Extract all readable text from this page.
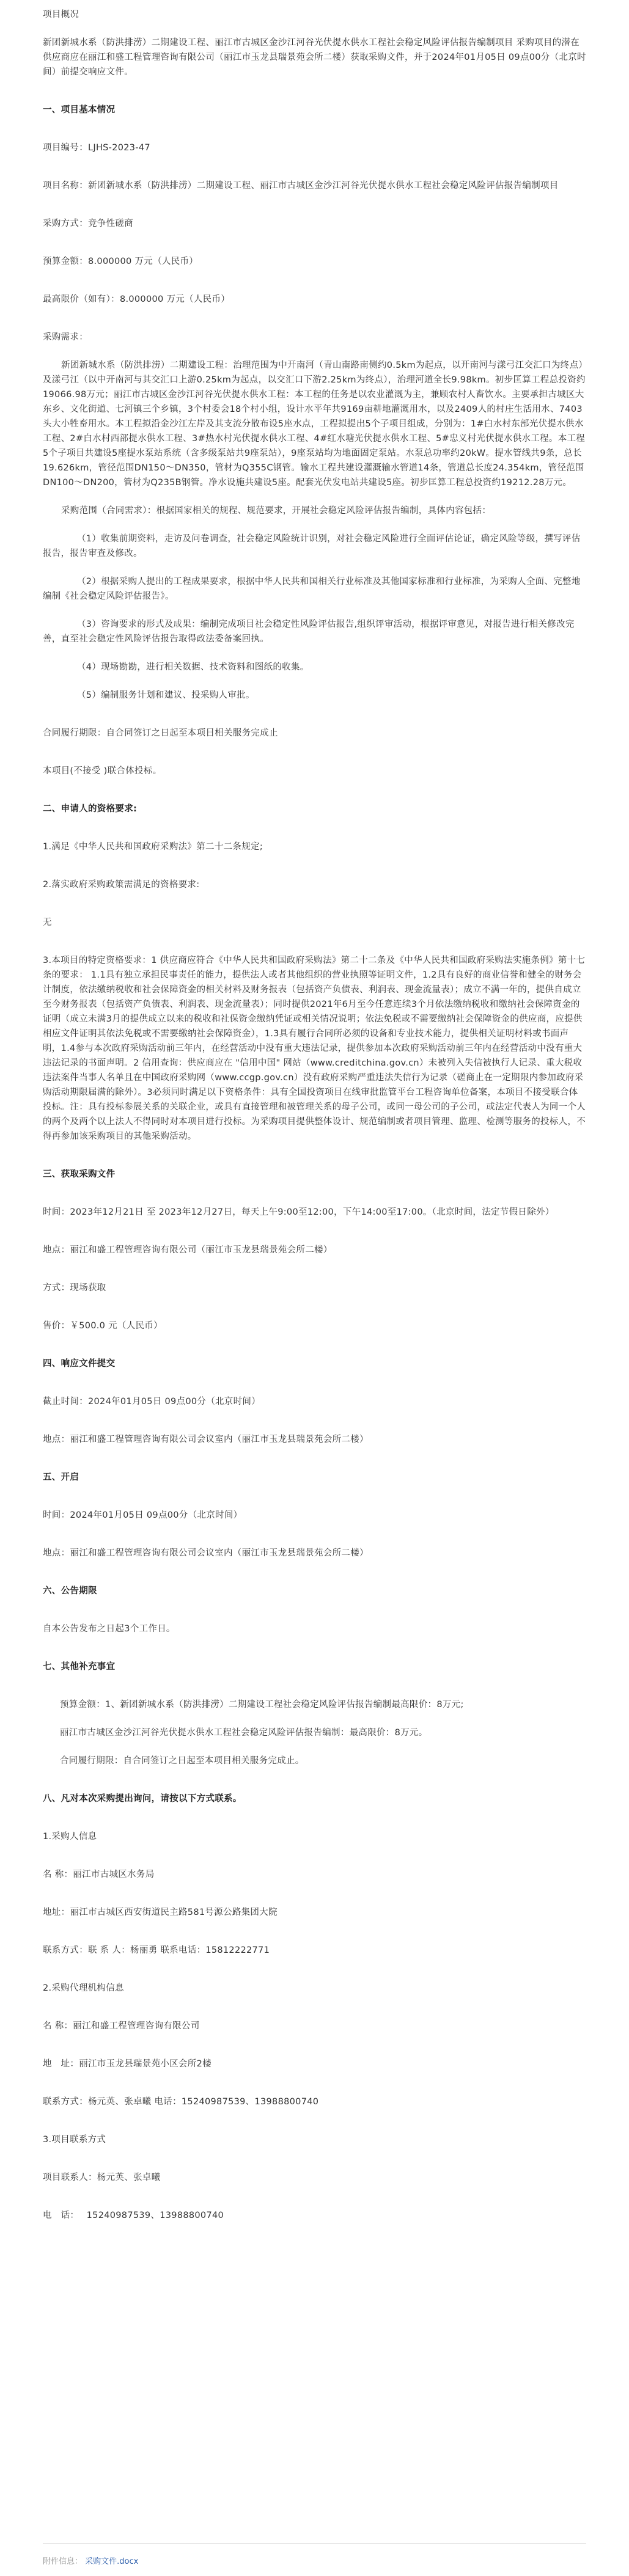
项目概况

新团新城水系（防洪排涝）二期建设工程、丽江市古城区金沙江河谷光伏提水供水工程社会稳定风险评估报告编制项目 采购项目的潜在供应商应在丽江和盛工程管理咨询有限公司（丽江市玉龙县瑞景苑会所二楼）获取采购文件，并于2024年01月05日 09点00分（北京时间）前提交响应文件。

一、项目基本情况

项目编号：LJHS-2023-47

项目名称：新团新城水系（防洪排涝）二期建设工程、丽江市古城区金沙江河谷光伏提水供水工程社会稳定风险评估报告编制项目

采购方式：竞争性磋商

预算金额：8.000000 万元（人民币）

最高限价（如有）：8.000000 万元（人民币）

采购需求：

新团新城水系（防洪排涝）二期建设工程：治理范围为中开南河（青山南路南侧约0.5km为起点，以开南河与漾弓江交汇口为终点）及漾弓江（以中开南河与其交汇口上游0.25km为起点，以交汇口下游2.25km为终点），治理河道全长9.98km。初步匡算工程总投资约19066.98万元；丽江市古城区金沙江河谷光伏提水供水工程：本工程的任务是以农业灌溉为主，兼顾农村人畜饮水。主要承担古城区大东乡、文化街道、七河镇三个乡镇，3个村委会18个村小组，设计水平年共9169亩耕地灌溉用水，以及2409人的村庄生活用水、7403头大小牲畜用水。本工程拟沿金沙江左岸及其支流分散布设5座水点，工程拟提出5个子项目组成，分别为：1#白水村东部光伏提水供水工程、2#白水村西部提水供水工程、3#热水村光伏提水供水工程、4#红水塘光伏提水供水工程、5#忠义村光伏提水供水工程。本工程5个子项目共建设5座提水泵站系统（含多级泵站共9座泵站），9座泵站均为地面固定泵站。水泵总功率约20kW。提水管线共9条，总长19.626km，管径范围DN150～DN350，管材为Q355C钢管。输水工程共建设灌溉输水管道14条，管道总长度24.354km，管径范围DN100～DN200，管材为Q235B钢管。净水设施共建设5座。配套光伏发电站共建设5座。初步匡算工程总投资约19212.28万元。

采购范围（合同需求）：根据国家相关的规程、规范要求，开展社会稳定风险评估报告编制，具体内容包括：

（1）收集前期资料，走访及问卷调查，社会稳定风险统计识别，对社会稳定风险进行全面评估论证，确定风险等级，撰写评估报告，报告审查及修改。

（2）根据采购人提出的工程成果要求，根据中华人民共和国相关行业标准及其他国家标准和行业标准，为采购人全面、完整地编制《社会稳定风险评估报告》。

（3）咨询要求的形式及成果：编制完成项目社会稳定性风险评估报告,组织评审活动，根据评审意见，对报告进行相关修改完善，直至社会稳定性风险评估报告取得政法委备案回执。

（4）现场勘勘，进行相关数据、技术资料和图纸的收集。

（5）编制服务计划和建议、投采购人审批。

合同履行期限：自合同签订之日起至本项目相关服务完成止

本项目(不接受 )联合体投标。

二、申请人的资格要求:

1.满足《中华人民共和国政府采购法》第二十二条规定;

2.落实政府采购政策需满足的资格要求:

无

3.本项目的特定资格要求：1 供应商应符合《中华人民共和国政府采购法》第二十二条及《中华人民共和国政府采购法实施条例》第十七条的要求： 1.1具有独立承担民事责任的能力，提供法人或者其他组织的营业执照等证明文件，1.2具有良好的商业信誉和健全的财务会计制度，依法缴纳税收和社会保障资金的相关材料及财务报表（包括资产负债表、利润表、现金流量表）；成立不满一年的，提供自成立至今财务报表（包括资产负债表、利润表、现金流量表）；同时提供2021年6月至今任意连续3个月依法缴纳税收和缴纳社会保障资金的证明（成立未满3月的提供成立以来的税收和社保资金缴纳凭证或相关情况说明；依法免税或不需要缴纳社会保障资金的供应商，应提供相应文件证明其依法免税或不需要缴纳社会保障资金），1.3具有履行合同所必须的设备和专业技术能力，提供相关证明材料或书面声明，1.4参与本次政府采购活动前三年内，在经营活动中没有重大违法记录，提供参加本次政府采购活动前三年内在经营活动中没有重大违法记录的书面声明。2 信用查询：供应商应在 "信用中国" 网站（www.creditchina.gov.cn）未被列入失信被执行人记录、重大税收违法案件当事人名单且在中国政府采购网（www.ccgp.gov.cn）没有政府采购严重违法失信行为记录（磋商止在一定期限内参加政府采购活动期限届满的除外）。3必须同时满足以下资格条件：具有全国投资项目在线审批监管平台工程咨询单位备案，本项目不接受联合体投标。注：具有投标参展关系的关联企业，或具有直接管理和被管理关系的母子公司，或同一母公司的子公司，或法定代表人为同一个人的两个及两个以上法人不得同时对本项目进行投标。为采购项目提供整体设计、规范编制或者项目管理、监理、检测等服务的投标人，不得再参加该采购项目的其他采购活动。

三、获取采购文件

时间：2023年12月21日 至 2023年12月27日，每天上午9:00至12:00，下午14:00至17:00。（北京时间，法定节假日除外）

地点：丽江和盛工程管理咨询有限公司（丽江市玉龙县瑞景苑会所二楼）

方式：现场获取

售价：￥500.0 元（人民币）

四、响应文件提交

截止时间：2024年01月05日 09点00分（北京时间）

地点：丽江和盛工程管理咨询有限公司会议室内（丽江市玉龙县瑞景苑会所二楼）

五、开启

时间：2024年01月05日 09点00分（北京时间）

地点：丽江和盛工程管理咨询有限公司会议室内（丽江市玉龙县瑞景苑会所二楼）

六、公告期限

自本公告发布之日起3个工作日。

七、其他补充事宜

预算金额：1、新团新城水系（防洪排涝）二期建设工程社会稳定风险评估报告编制最高限价：8万元;

丽江市古城区金沙江河谷光伏提水供水工程社会稳定风险评估报告编制：最高限价：8万元。

合同履行期限：自合同签订之日起至本项目相关服务完成止。

八、凡对本次采购提出询问，请按以下方式联系。

1.采购人信息

名 称：丽江市古城区水务局

地址：丽江市古城区西安街道民主路581号源公路集团大院

联系方式：联 系 人：杨丽勇 联系电话：15812222771

2.采购代理机构信息

名 称：丽江和盛工程管理咨询有限公司

地　址：丽江市玉龙县瑞景苑小区会所2楼

联系方式：杨元英、张卓曦 电话：15240987539、13988800740

3.项目联系方式

项目联系人：杨元英、张卓曦

电　话：　 15240987539、13988800740

附件信息： 采购文件.docx
